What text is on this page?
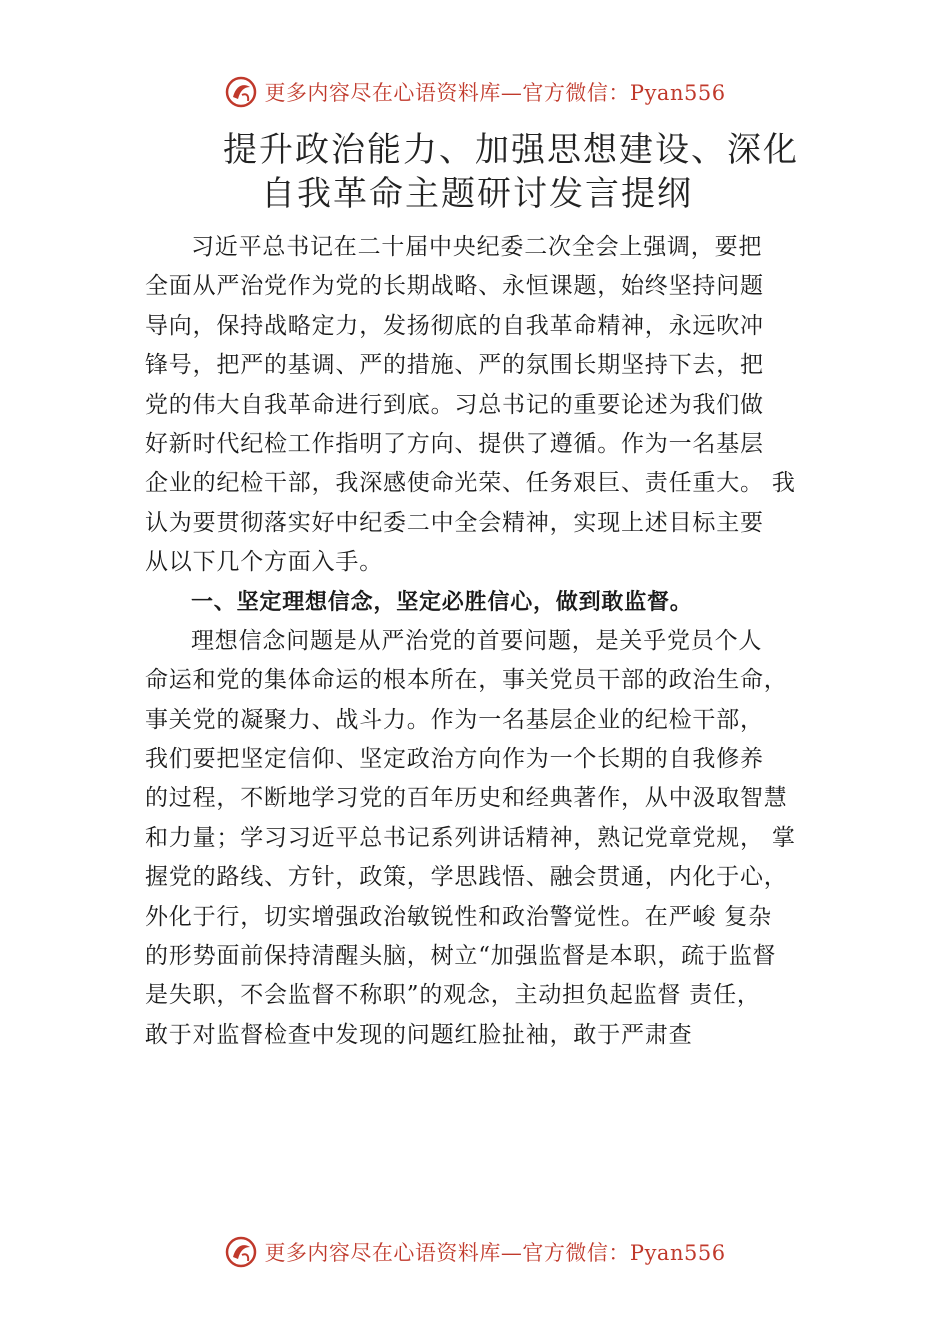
更多内容尽在心语资料库—官方微信：Pyan556
提升政治能力、加强思想建设、深化
自我革命主题研讨发言提纲
习近平总书记在二十届中央纪委二次全会上强调，要把
全面从严治党作为党的长期战略、永恒课题，始终坚持问题
导向，保持战略定力，发扬彻底的自我革命精神，永远吹冲
锋号，把严的基调、严的措施、严的氛围长期坚持下去，把
党的伟大自我革命进行到底。习总书记的重要论述为我们做
好新时代纪检工作指明了方向、提供了遵循。作为一名基层
企业的纪检干部，我深感使命光荣、任务艰巨、责任重大。 我
认为要贯彻落实好中纪委二中全会精神，实现上述目标主要
从以下几个方面入手。
一、坚定理想信念，坚定必胜信心，做到敢监督。
理想信念问题是从严治党的首要问题，是关乎党员个人
命运和党的集体命运的根本所在，事关党员干部的政治生命，
事关党的凝聚力、战斗力。作为一名基层企业的纪检干部，
我们要把坚定信仰、坚定政治方向作为一个长期的自我修养
的过程，不断地学习党的百年历史和经典著作，从中汲取智慧
和力量；学习习近平总书记系列讲话精神，熟记党章党规， 掌
握党的路线、方针，政策，学思践悟、融会贯通，内化于心，
外化于行，切实增强政治敏锐性和政治警觉性。在严峻 复杂
的形势面前保持清醒头脑，树立“加强监督是本职，疏于监督
是失职，不会监督不称职”的观念，主动担负起监督 责任，
敢于对监督检查中发现的问题红脸扯袖，敢于严肃查
更多内容尽在心语资料库—官方微信：Pyan556
